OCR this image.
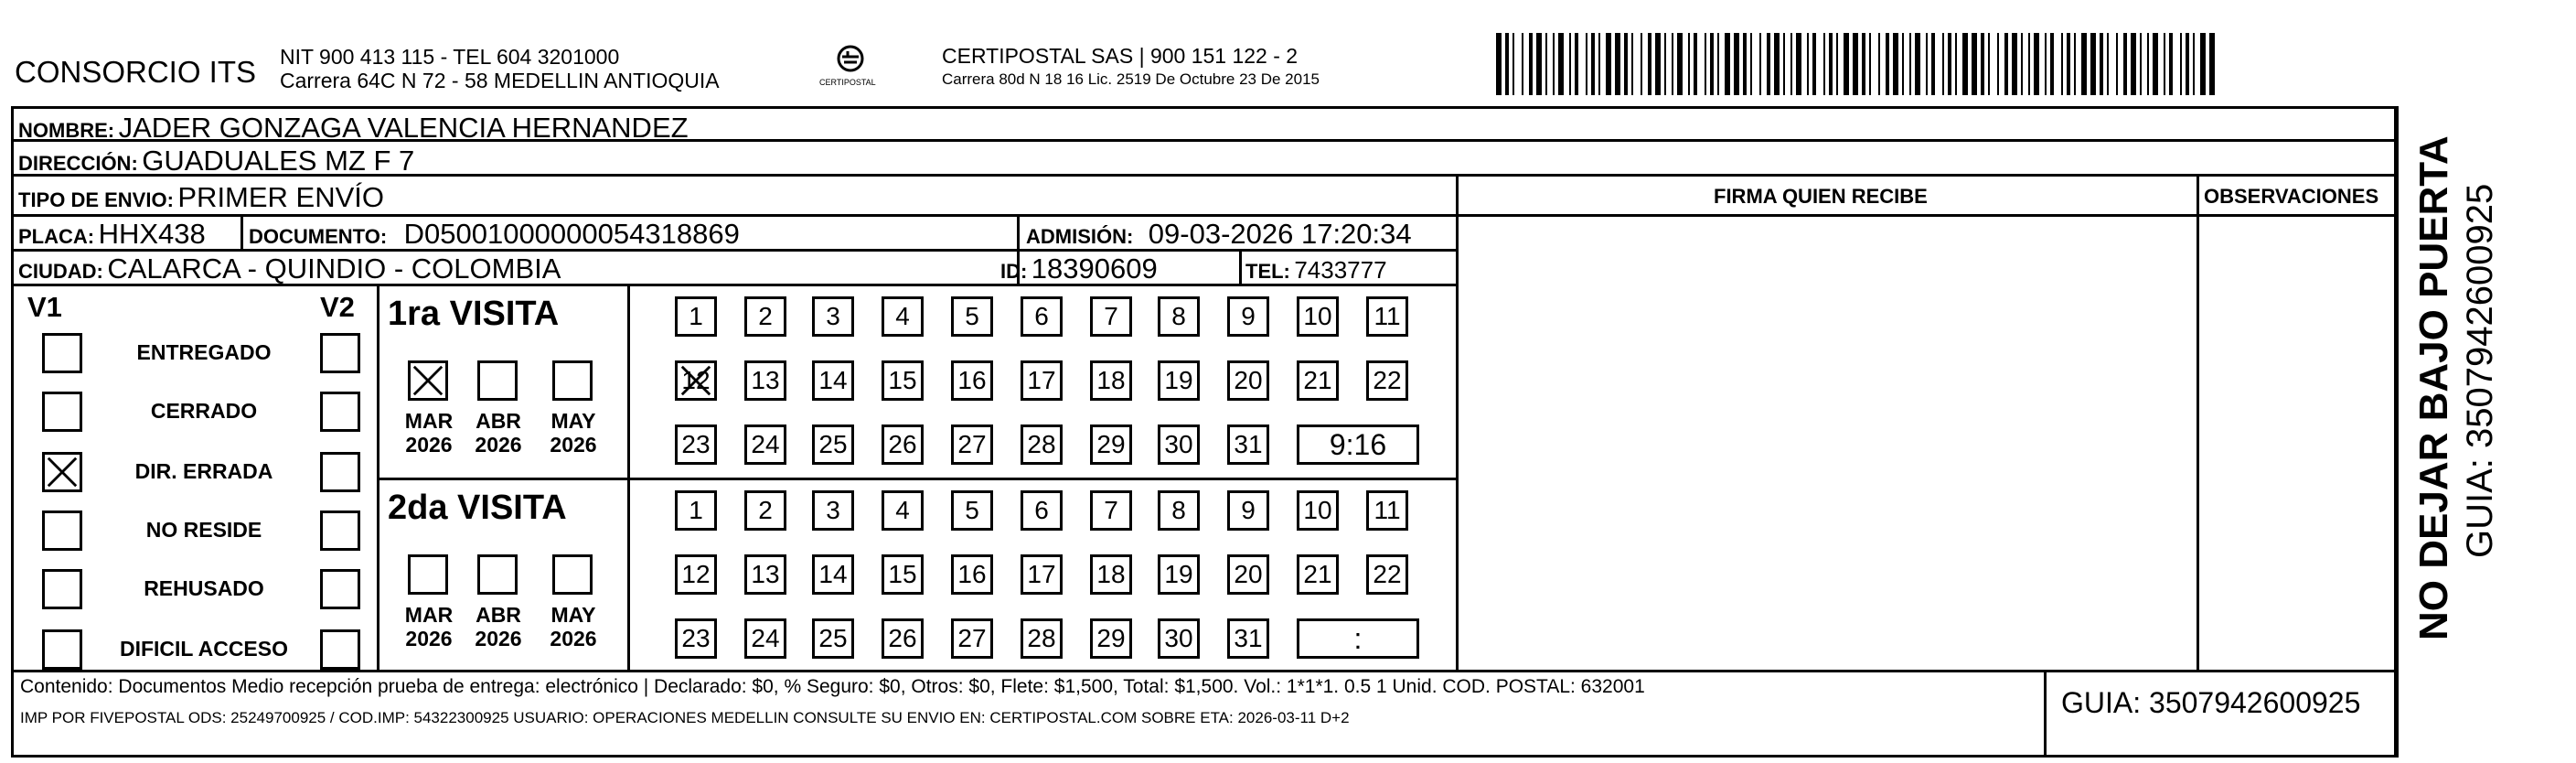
CONSORCIO ITS NIT 900 413 115 - TEL 604 3201000
Carrera 64C N 72 - 58 MEDELLIN ANTIOQUIA	CERTIPOSTAL
CERTIPOSTAL SAS | 900 151 122 - 2
Carrera 80d N 18 16 Lic. 2519 De Octubre 23 De 2015
NOMBRE: JADER GONZAGA VALENCIA HERNANDEZ
DIRECCIÓN: GUADUALES MZ F 7
TIPO DE ENVIO: PRIMER ENVÍO
PLACA: HHX438 DOCUMENTO: D05001000000054318869	ADMISIÓN: 09-03-2026 17:20:34
CIUDAD: CALARCA - QUINDIO - COLOMBIA	ID: 18390609	TEL: 7433777
FIRMA QUIEN RECIBE	OBSERVACIONES
V1	V2
ENTREGADO
CERRADO
DIR. ERRADA
NO RESIDE
REHUSADO
DIFICIL ACCESO
1ra VISITA
MAR
2026
ABR
2026
MAY
2026
1 2 3 4 5 6 7 8 9 10 11
12 13 14 15 16 17 18 19 20 21 22
23 24 25 26 27 28 29 30 31 9:16
2da VISITA
MAR
2026
ABR
2026
MAY
2026
1 2 3 4 5 6 7 8 9 10 11
12 13 14 15 16 17 18 19 20 21 22
23 24 25 26 27 28 29 30 31	:
Contenido: Documentos Medio recepción prueba de entrega: electrónico | Declarado: $0, % Seguro: $0, Otros: $0, Flete: $1,500, Total: $1,500. Vol.: 1*1*1. 0.5 1 Unid. COD. POSTAL: 632001
IMP POR FIVEPOSTAL ODS: 25249700925 / COD.IMP: 54322300925 USUARIO: OPERACIONES MEDELLIN CONSULTE SU ENVIO EN: CERTIPOSTAL.COM SOBRE ETA: 2026-03-11 D+2	GUIA: 3507942600925
NO DEJAR BAJO PUERTA GUIA: 3507942600925
